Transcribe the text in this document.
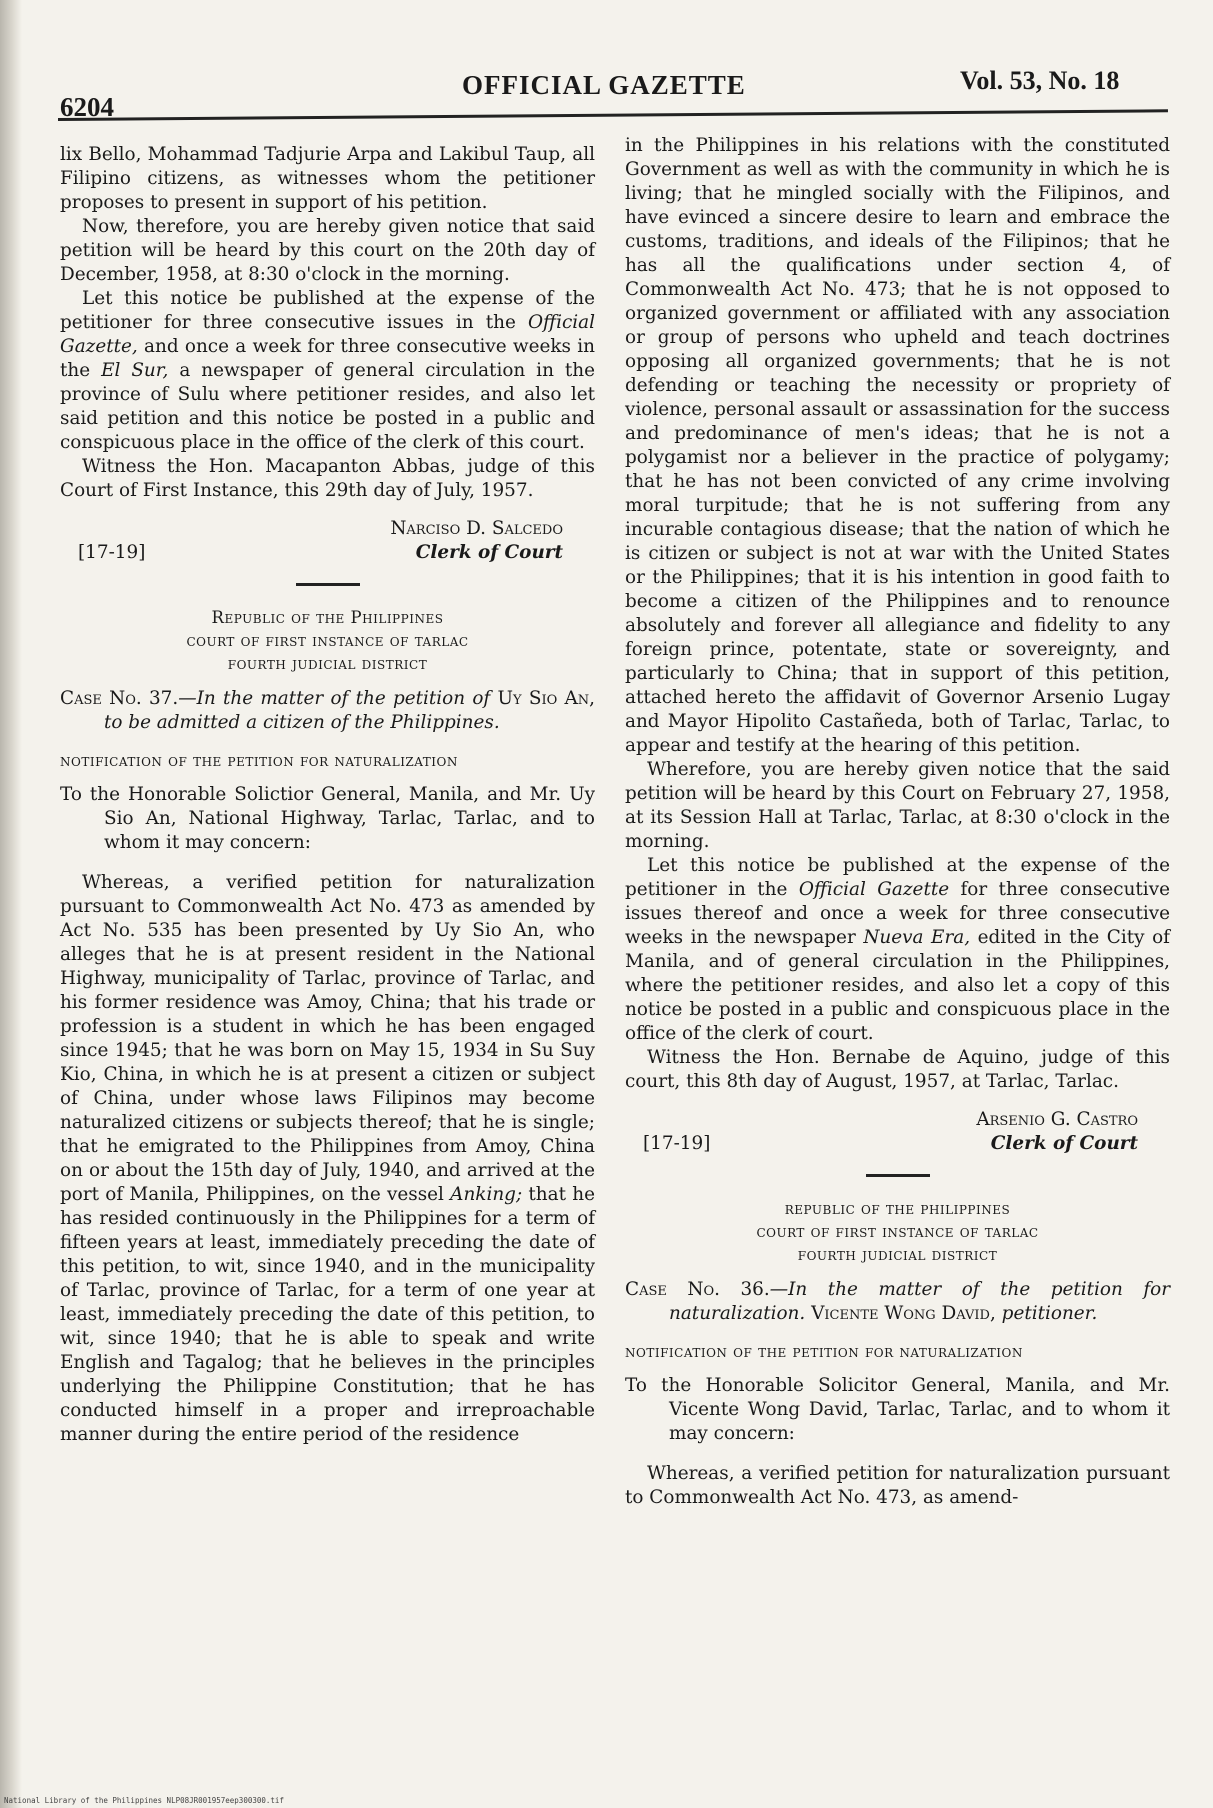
6204
OFFICIAL GAZETTE	Vol. 53, No. 18

lix Bello, Mohammad Tadjurie Arpa and Lakibul Taup, all Filipino citizens, as witnesses whom the petitioner proposes to present in support of his petition.

Now, therefore, you are hereby given notice that said petition will be heard by this court on the 20th day of December, 1958, at 8:30 o'clock in the morning.

Let this notice be published at the expense of the petitioner for three consecutive issues in the Official Gazette, and once a week for three consecutive weeks in the El Sur, a newspaper of general circulation in the province of Sulu where petitioner resides, and also let said petition and this notice be posted in a public and conspicuous place in the office of the clerk of this court.

Witness the Hon. Macapanton Abbas, judge of this Court of First Instance, this 29th day of July, 1957.

Narciso D. Salcedo
Clerk of Court
[17-19]
Republic of the Philippines
court of first instance of tarlac
fourth judicial district

Case No. 37.—In the matter of the petition of Uy Sio An, to be admitted a citizen of the Philippines.

notification of the petition for naturalization

To the Honorable Solictior General, Manila, and Mr. Uy Sio An, National Highway, Tarlac, Tarlac, and to whom it may concern:

Whereas, a verified petition for naturalization pursuant to Commonwealth Act No. 473 as amended by Act No. 535 has been presented by Uy Sio An, who alleges that he is at present resident in the National Highway, municipality of Tarlac, province of Tarlac, and his former residence was Amoy, China; that his trade or profession is a student in which he has been engaged since 1945; that he was born on May 15, 1934 in Su Suy Kio, China, in which he is at present a citizen or subject of China, under whose laws Filipinos may become naturalized citizens or subjects thereof; that he is single; that he emigrated to the Philippines from Amoy, China on or about the 15th day of July, 1940, and arrived at the port of Manila, Philippines, on the vessel Anking; that he has resided continuously in the Philippines for a term of fifteen years at least, immediately preceding the date of this petition, to wit, since 1940, and in the municipality of Tarlac, province of Tarlac, for a term of one year at least, immediately preceding the date of this petition, to wit, since 1940; that he is able to speak and write English and Tagalog; that he believes in the principles underlying the Philippine Constitution; that he has conducted himself in a proper and irreproachable manner during the entire period of the residence

in the Philippines in his relations with the constituted Government as well as with the community in which he is living; that he mingled socially with the Filipinos, and have evinced a sincere desire to learn and embrace the customs, traditions, and ideals of the Filipinos; that he has all the qualifications under section 4, of Commonwealth Act No. 473; that he is not opposed to organized government or affiliated with any association or group of persons who upheld and teach doctrines opposing all organized governments; that he is not defending or teaching the necessity or propriety of violence, personal assault or assassination for the success and predominance of men's ideas; that he is not a polygamist nor a believer in the practice of polygamy; that he has not been convicted of any crime involving moral turpitude; that he is not suffering from any incurable contagious disease; that the nation of which he is citizen or subject is not at war with the United States or the Philippines; that it is his intention in good faith to become a citizen of the Philippines and to renounce absolutely and forever all allegiance and fidelity to any foreign prince, potentate, state or sovereignty, and particularly to China; that in support of this petition, attached hereto the affidavit of Governor Arsenio Lugay and Mayor Hipolito Castañeda, both of Tarlac, Tarlac, to appear and testify at the hearing of this petition.

Wherefore, you are hereby given notice that the said petition will be heard by this Court on February 27, 1958, at its Session Hall at Tarlac, Tarlac, at 8:30 o'clock in the morning.

Let this notice be published at the expense of the petitioner in the Official Gazette for three consecutive issues thereof and once a week for three consecutive weeks in the newspaper Nueva Era, edited in the City of Manila, and of general circulation in the Philippines, where the petitioner resides, and also let a copy of this notice be posted in a public and conspicuous place in the office of the clerk of court.

Witness the Hon. Bernabe de Aquino, judge of this court, this 8th day of August, 1957, at Tarlac, Tarlac.

Arsenio G. Castro
Clerk of Court
[17-19]
republic of the philippines
court of first instance of tarlac
fourth judicial district

Case No. 36.—In the matter of the petition for naturalization. Vicente Wong David, petitioner.

notification of the petition for naturalization

To the Honorable Solicitor General, Manila, and Mr. Vicente Wong David, Tarlac, Tarlac, and to whom it may concern:

Whereas, a verified petition for naturalization pursuant to Commonwealth Act No. 473, as amend-

National Library of the Philippines NLP08JR001957eep300300.tif
